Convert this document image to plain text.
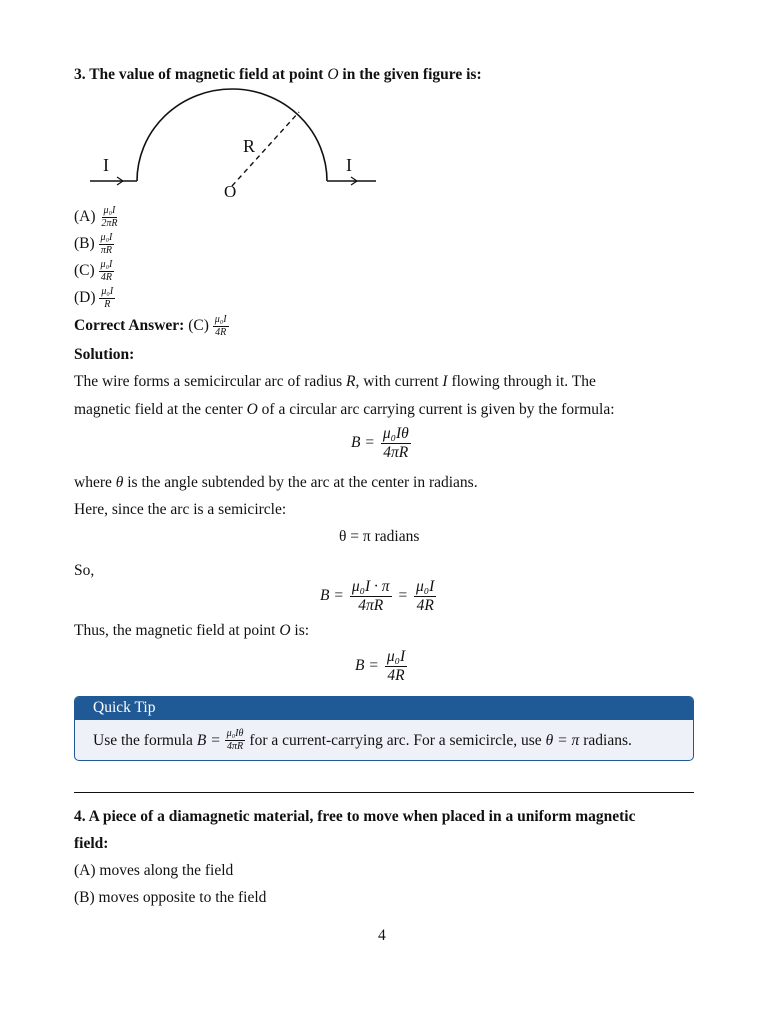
3. The value of magnetic field at point O in the given figure is:
I	I
R
O
$(A) \frac{\text{μ₀I}}{2\pi R}$
$(B) \frac{\text{μ₀I}}{\pi R}$
$(C) \frac{\text{μ₀I}}{4R}$
$(D) \frac{\text{μ₀I}}{R}$
Correct Answer: $(C) \frac{\text{μ₀I}}{4R}$
Solution:
The wire forms a semicircular arc of radius R, with current I flowing through it. The
magnetic field at the center O of a circular arc carrying current is given by the formula:
$B = \frac{\text{μ₀Iθ}}{4\pi R}$
where θ is the angle subtended by the arc at the center in radians.
Here, since the arc is a semicircle:
θ = π radians
So,
$B = \frac{\text{μ₀I · π}}{4\pi R} = \frac{\text{μ₀I}}{4R}$
Thus, the magnetic field at point O is:
$B = \frac{\text{μ₀I}}{4R}$
Quick Tip
Use the formula $B = \frac{\text{μ₀Iθ}}{4\pi R}$ for a current-carrying arc. For a semicircle, use θ = π radians.
4. A piece of a diamagnetic material, free to move when placed in a uniform magnetic
field:
(A) moves along the field
(B) moves opposite to the field
4
